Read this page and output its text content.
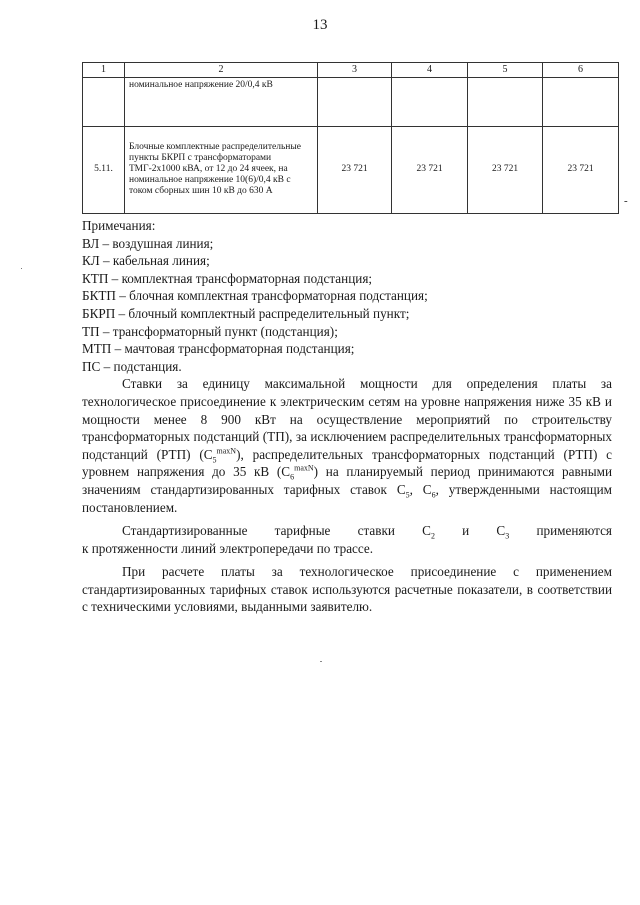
13
1	2	3	4	5	6
	номинальное напряжение 20/0,4 кВ				
5.11.	Блочные комплектные распределительные пункты БКРП с трансформаторами ТМГ-2х1000 кВА, от 12 до 24 ячеек, на номинальное напряжение 10(6)/0,4 кВ с током сборных шин 10 кВ до 630 А	23 721	23 721	23 721	23 721
-

Примечания:

ВЛ – воздушная линия;

КЛ – кабельная линия;

КТП – комплектная трансформаторная подстанция;

БКТП – блочная комплектная трансформаторная подстанция;

БКРП – блочный комплектный распределительный пункт;

ТП – трансформаторный пункт (подстанция);

МТП – мачтовая трансформаторная подстанция;

ПС – подстанция.

Ставки за единицу максимальной мощности для определения платы за технологическое присоединение к электрическим сетям на уровне напряжения ниже 35 кВ и мощности менее 8 900 кВт на осуществление мероприятий по строительству трансформаторных подстанций (ТП), за исключением распределительных трансформаторных подстанций (РТП) $(С_5^{maxN})$, распределительных трансформаторных подстанций (РТП) с уровнем напряжения до 35 кВ $(С_6^{maxN})$ на планируемый период принимаются равными значениям стандартизированных тарифных ставок $С_5$, $С_6$, утвержденными настоящим постановлением.

Стандартизированные тарифные ставки $С_2$ и $С_3$ применяются

к протяженности линий электропередачи по трассе.

При расчете платы за технологическое присоединение с применением стандартизированных тарифных ставок используются расчетные показатели, в соответствии с техническими условиями, выданными заявителю.
